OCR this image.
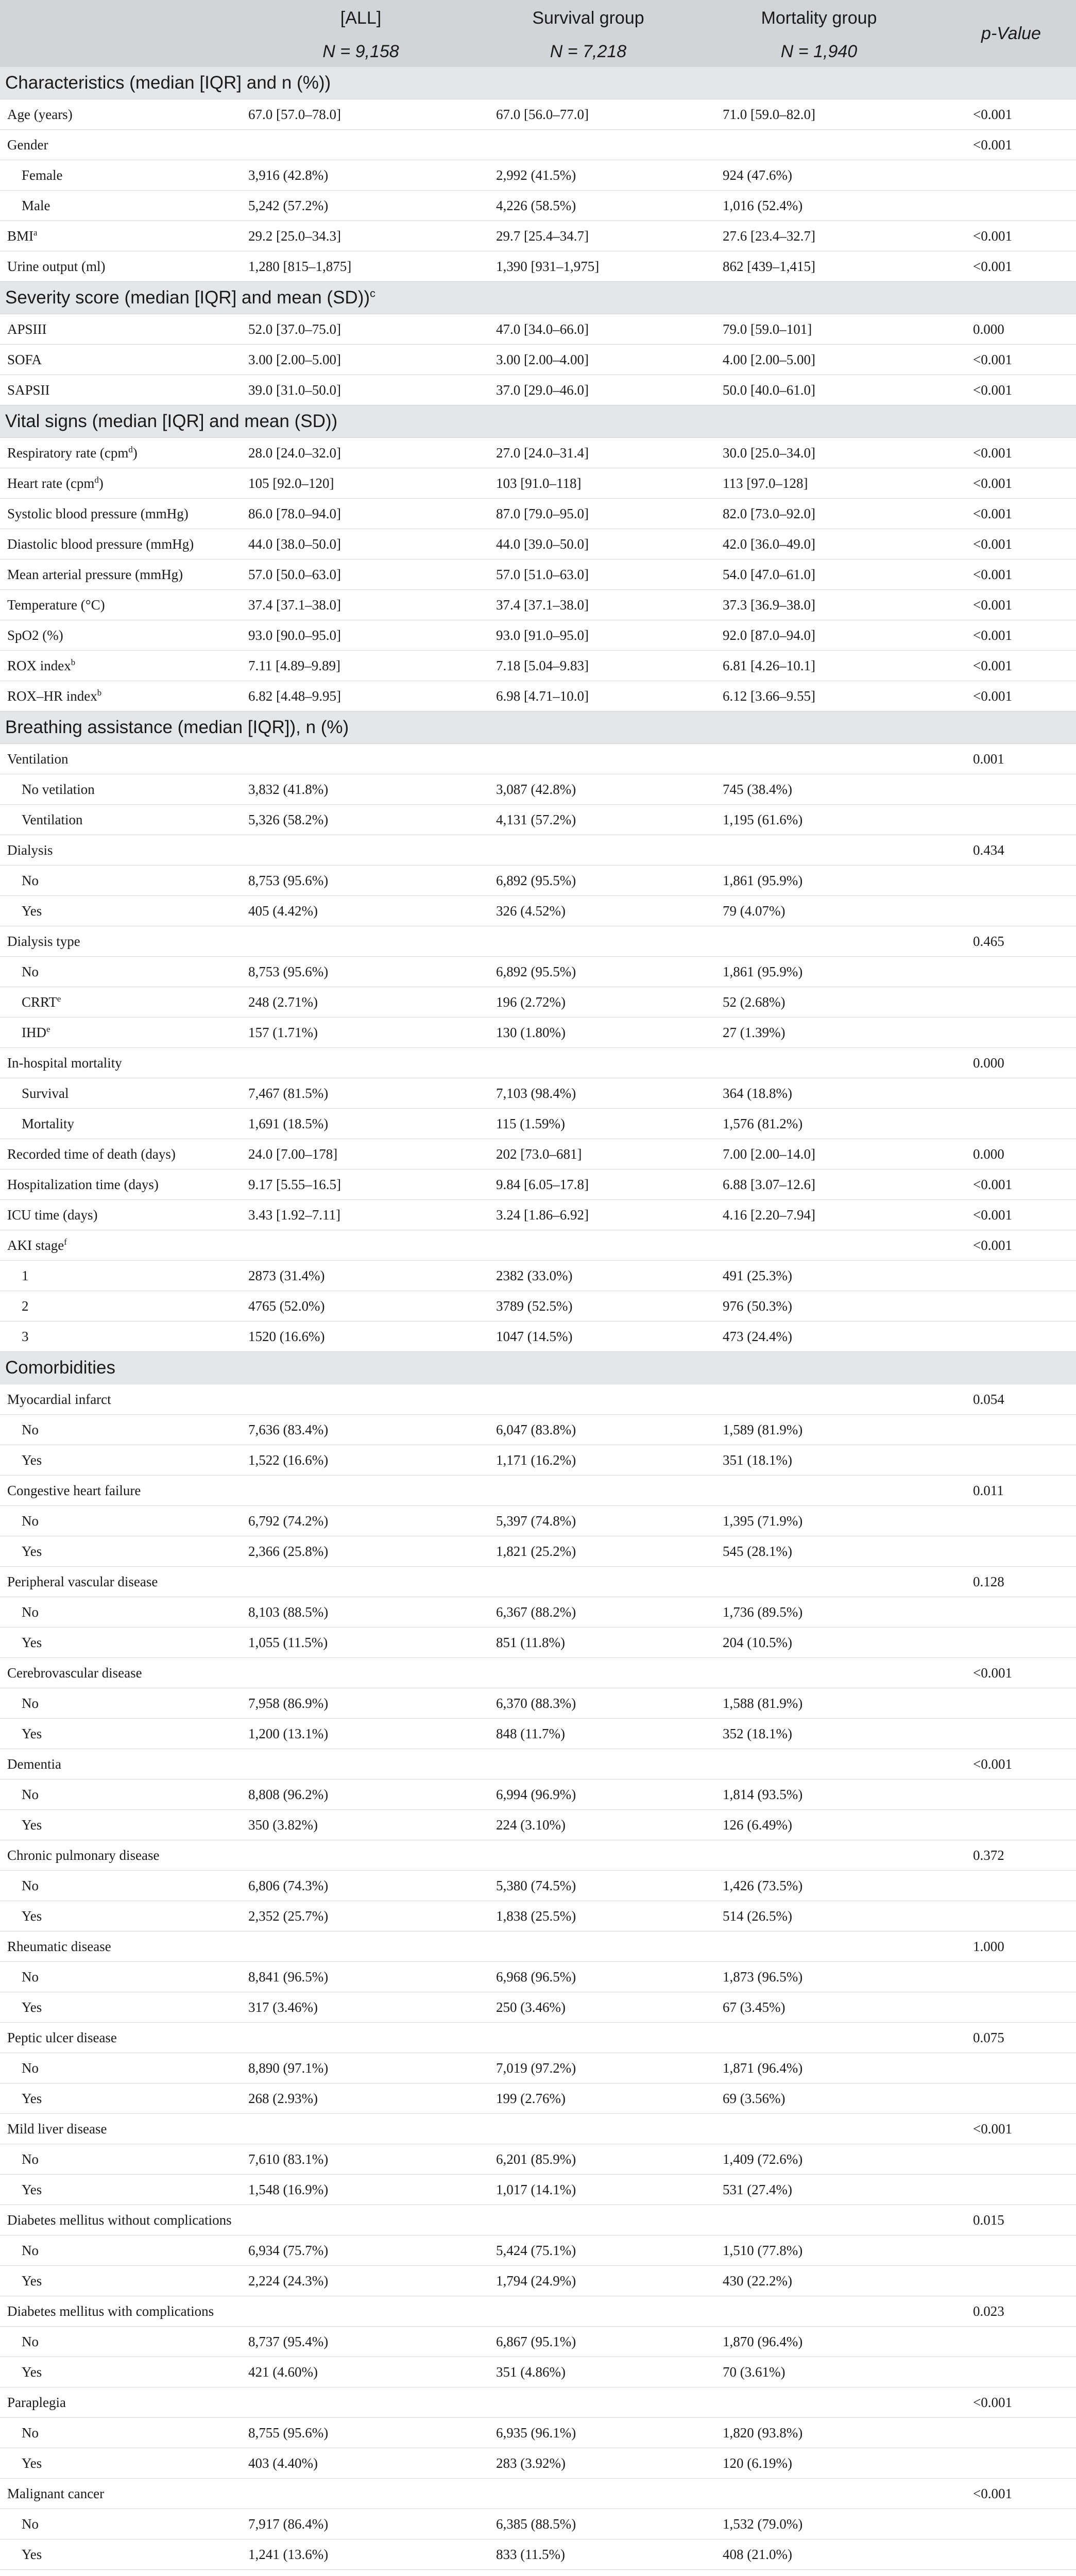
	[ALL]	Survival group	Mortality group	p-Value
	N = 9,158	N = 7,218	N = 1,940	
Characteristics (median [IQR] and n (%))				
Age (years)	67.0 [57.0–78.0]	67.0 [56.0–77.0]	71.0 [59.0–82.0]	<0.001
Gender				<0.001
Female	3,916 (42.8%)	2,992 (41.5%)	924 (47.6%)	
Male	5,242 (57.2%)	4,226 (58.5%)	1,016 (52.4%)	
BMI$^a$	29.2 [25.0–34.3]	29.7 [25.4–34.7]	27.6 [23.4–32.7]	<0.001
Urine output (ml)	1,280 [815–1,875]	1,390 [931–1,975]	862 [439–1,415]	<0.001
Severity score (median [IQR] and mean (SD))$^c$
APSIII	52.0 [37.0–75.0]	47.0 [34.0–66.0]	79.0 [59.0–101]	0.000
SOFA	3.00 [2.00–5.00]	3.00 [2.00–4.00]	4.00 [2.00–5.00]	<0.001
SAPSII	39.0 [31.0–50.0]	37.0 [29.0–46.0]	50.0 [40.0–61.0]	<0.001
Vital signs (median [IQR] and mean (SD))				
Respiratory rate (cpm$^d$)	28.0 [24.0–32.0]	27.0 [24.0–31.4]	30.0 [25.0–34.0]	<0.001
Heart rate (cpm$^d$)	105 [92.0–120]	103 [91.0–118]	113 [97.0–128]	<0.001
Systolic blood pressure (mmHg)	86.0 [78.0–94.0]	87.0 [79.0–95.0]	82.0 [73.0–92.0]	<0.001
Diastolic blood pressure (mmHg)	44.0 [38.0–50.0]	44.0 [39.0–50.0]	42.0 [36.0–49.0]	<0.001
Mean arterial pressure (mmHg)	57.0 [50.0–63.0]	57.0 [51.0–63.0]	54.0 [47.0–61.0]	<0.001
Temperature (°C)	37.4 [37.1–38.0]	37.4 [37.1–38.0]	37.3 [36.9–38.0]	<0.001
SpO2 (%)	93.0 [90.0–95.0]	93.0 [91.0–95.0]	92.0 [87.0–94.0]	<0.001
ROX index$^b$	7.11 [4.89–9.89]	7.18 [5.04–9.83]	6.81 [4.26–10.1]	<0.001
ROX–HR index$^b$	6.82 [4.48–9.95]	6.98 [4.71–10.0]	6.12 [3.66–9.55]	<0.001
Breathing assistance (median [IQR]), n (%)				
Ventilation				0.001
No vetilation	3,832 (41.8%)	3,087 (42.8%)	745 (38.4%)	
Ventilation	5,326 (58.2%)	4,131 (57.2%)	1,195 (61.6%)	
Dialysis				0.434
No	8,753 (95.6%)	6,892 (95.5%)	1,861 (95.9%)	
Yes	405 (4.42%)	326 (4.52%)	79 (4.07%)	
Dialysis type				0.465
No	8,753 (95.6%)	6,892 (95.5%)	1,861 (95.9%)	
CRRT$^e$	248 (2.71%)	196 (2.72%)	52 (2.68%)	
IHD$^e$	157 (1.71%)	130 (1.80%)	27 (1.39%)	
In-hospital mortality				0.000
Survival	7,467 (81.5%)	7,103 (98.4%)	364 (18.8%)	
Mortality	1,691 (18.5%)	115 (1.59%)	1,576 (81.2%)	
Recorded time of death (days)	24.0 [7.00–178]	202 [73.0–681]	7.00 [2.00–14.0]	0.000
Hospitalization time (days)	9.17 [5.55–16.5]	9.84 [6.05–17.8]	6.88 [3.07–12.6]	<0.001
ICU time (days)	3.43 [1.92–7.11]	3.24 [1.86–6.92]	4.16 [2.20–7.94]	<0.001
AKI stage$^f$				<0.001
1	2873 (31.4%)	2382 (33.0%)	491 (25.3%)	
2	4765 (52.0%)	3789 (52.5%)	976 (50.3%)	
3	1520 (16.6%)	1047 (14.5%)	473 (24.4%)	
Comorbidities				
Myocardial infarct				0.054
No	7,636 (83.4%)	6,047 (83.8%)	1,589 (81.9%)	
Yes	1,522 (16.6%)	1,171 (16.2%)	351 (18.1%)	
Congestive heart failure				0.011
No	6,792 (74.2%)	5,397 (74.8%)	1,395 (71.9%)	
Yes	2,366 (25.8%)	1,821 (25.2%)	545 (28.1%)	
Peripheral vascular disease				0.128
No	8,103 (88.5%)	6,367 (88.2%)	1,736 (89.5%)	
Yes	1,055 (11.5%)	851 (11.8%)	204 (10.5%)	
Cerebrovascular disease				<0.001
No	7,958 (86.9%)	6,370 (88.3%)	1,588 (81.9%)	
Yes	1,200 (13.1%)	848 (11.7%)	352 (18.1%)	
Dementia				<0.001
No	8,808 (96.2%)	6,994 (96.9%)	1,814 (93.5%)	
Yes	350 (3.82%)	224 (3.10%)	126 (6.49%)	
Chronic pulmonary disease				0.372
No	6,806 (74.3%)	5,380 (74.5%)	1,426 (73.5%)	
Yes	2,352 (25.7%)	1,838 (25.5%)	514 (26.5%)	
Rheumatic disease				1.000
No	8,841 (96.5%)	6,968 (96.5%)	1,873 (96.5%)	
Yes	317 (3.46%)	250 (3.46%)	67 (3.45%)	
Peptic ulcer disease				0.075
No	8,890 (97.1%)	7,019 (97.2%)	1,871 (96.4%)	
Yes	268 (2.93%)	199 (2.76%)	69 (3.56%)	
Mild liver disease				<0.001
No	7,610 (83.1%)	6,201 (85.9%)	1,409 (72.6%)	
Yes	1,548 (16.9%)	1,017 (14.1%)	531 (27.4%)	
Diabetes mellitus without complications				0.015
No	6,934 (75.7%)	5,424 (75.1%)	1,510 (77.8%)	
Yes	2,224 (24.3%)	1,794 (24.9%)	430 (22.2%)	
Diabetes mellitus with complications				0.023
No	8,737 (95.4%)	6,867 (95.1%)	1,870 (96.4%)	
Yes	421 (4.60%)	351 (4.86%)	70 (3.61%)	
Paraplegia				<0.001
No	8,755 (95.6%)	6,935 (96.1%)	1,820 (93.8%)	
Yes	403 (4.40%)	283 (3.92%)	120 (6.19%)	
Malignant cancer				<0.001
No	7,917 (86.4%)	6,385 (88.5%)	1,532 (79.0%)	
Yes	1,241 (13.6%)	833 (11.5%)	408 (21.0%)	
